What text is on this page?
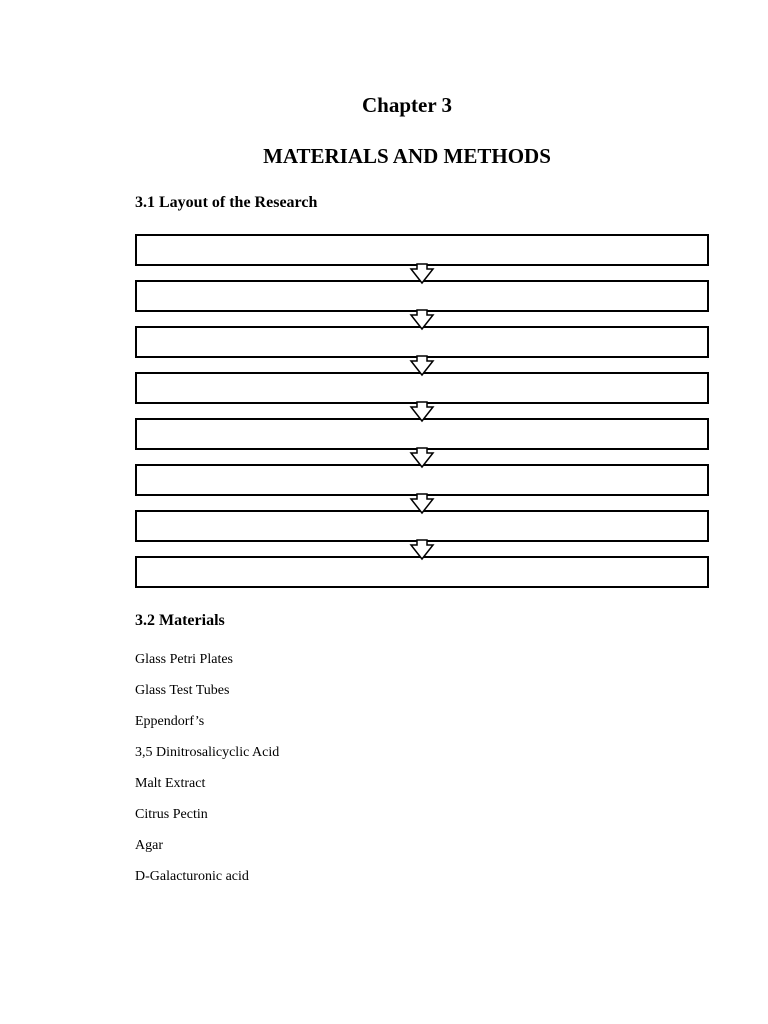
Chapter 3
MATERIALS AND METHODS
3.1 Layout of the Research
3.2 Materials
Glass Petri Plates
Glass Test Tubes
Eppendorf’s
3,5 Dinitrosalicyclic Acid
Malt Extract
Citrus Pectin
Agar
D-Galacturonic acid
